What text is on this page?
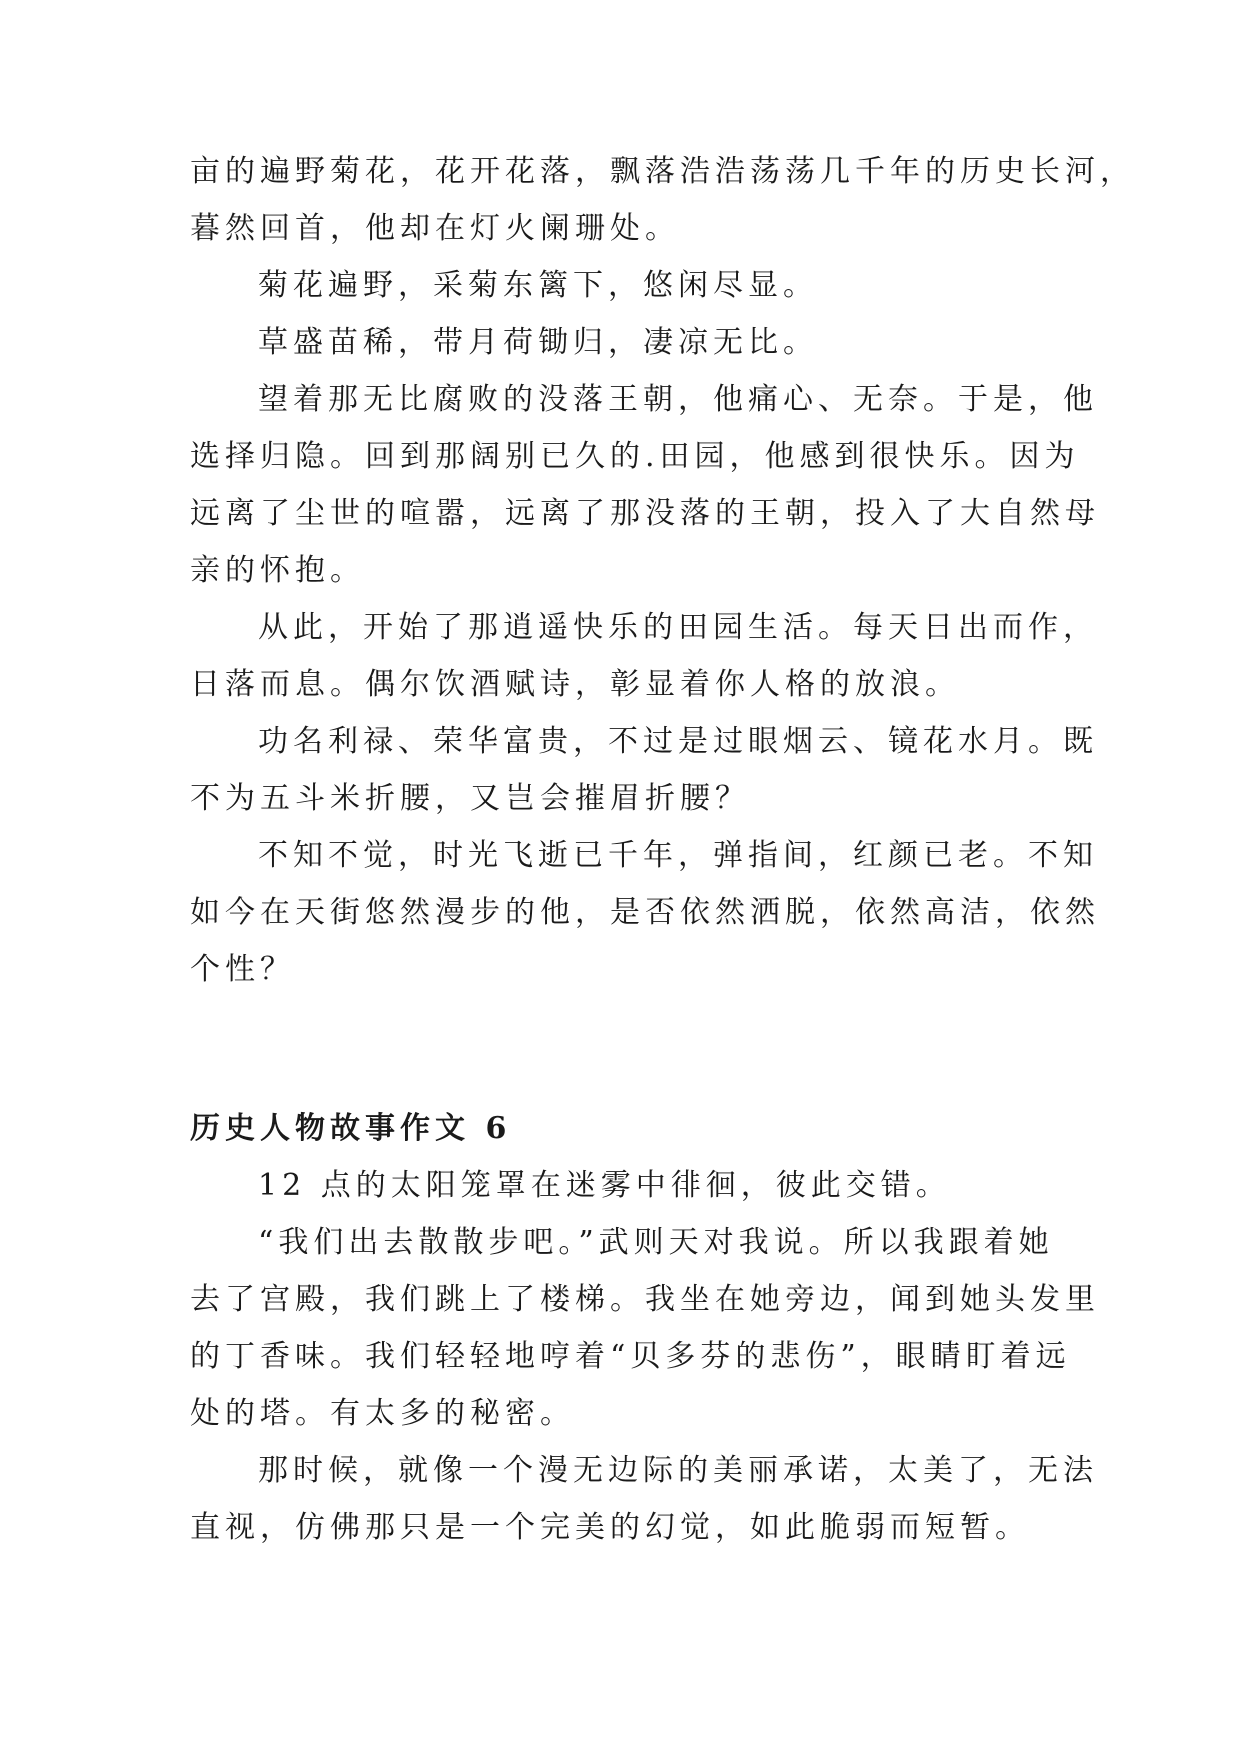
亩的遍野菊花，花开花落，飘落浩浩荡荡几千年的历史长河，

暮然回首，他却在灯火阑珊处。

菊花遍野，采菊东篱下，悠闲尽显。

草盛苗稀，带月荷锄归，凄凉无比。

望着那无比腐败的没落王朝，他痛心、无奈。于是，他

选择归隐。回到那阔别已久的.田园，他感到很快乐。因为

远离了尘世的喧嚣，远离了那没落的王朝，投入了大自然母

亲的怀抱。

从此，开始了那逍遥快乐的田园生活。每天日出而作，

日落而息。偶尔饮酒赋诗，彰显着你人格的放浪。

功名利禄、荣华富贵，不过是过眼烟云、镜花水月。既

不为五斗米折腰，又岂会摧眉折腰？

不知不觉，时光飞逝已千年，弹指间，红颜已老。不知

如今在天街悠然漫步的他，是否依然洒脱，依然高洁，依然

个性？

历史人物故事作文 6

12 点的太阳笼罩在迷雾中徘徊，彼此交错。

“我们出去散散步吧。”武则天对我说。所以我跟着她

去了宫殿，我们跳上了楼梯。我坐在她旁边，闻到她头发里

的丁香味。我们轻轻地哼着“贝多芬的悲伤”，眼睛盯着远

处的塔。有太多的秘密。

那时候，就像一个漫无边际的美丽承诺，太美了，无法

直视，仿佛那只是一个完美的幻觉，如此脆弱而短暂。
